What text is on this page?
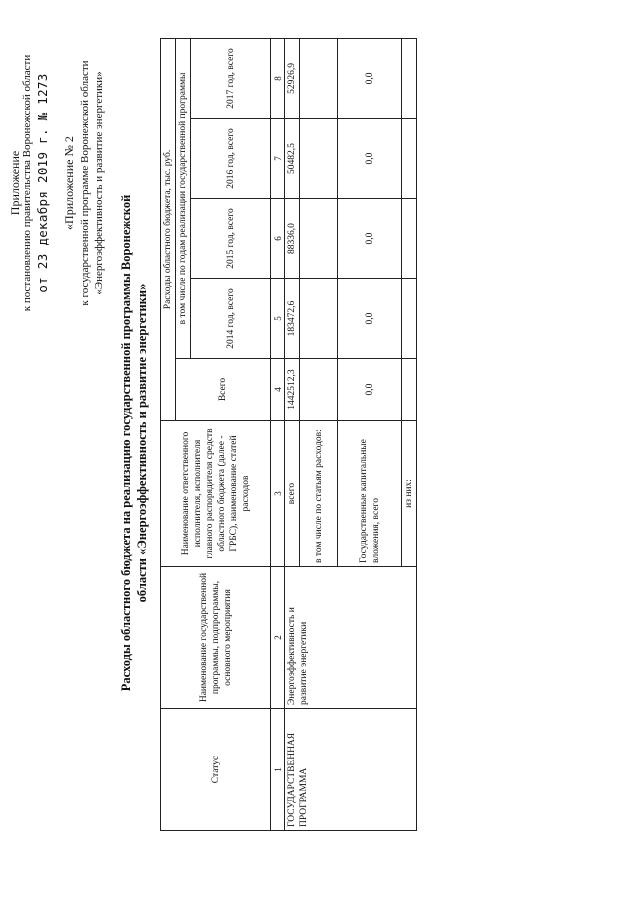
Приложение к постановлению правительства Воронежской области от 23 декабря 2019 г. № 1273 «Приложение № 2 к государственной программе Воронежской области «Энергоэффективность и развитие энергетики»
Расходы областного бюджета на реализацию государственной программы Воронежской области «Энергоэффективность и развитие энергетики»
Статус	Наименование государственной программы, подпрограммы, основного мероприятия	Наименование ответственного исполнителя, исполнителя главного распорядителя средств областного бюджета (далее - ГРБС), наименование статей расходов	Расходы областного бюджета, тыс. руб.				
			Всего	в том числе по годам реализации государственной программы			
				2014 год, всего	2015 год, всего	2016 год, всего	2017 год, всего
1	2	3	4	5	6	7	8
ГОСУДАРСТВЕННАЯ ПРОГРАММА	Энергоэффективность и развитие энергетики	всего	1442512,3	183472,6	88336,0	50482,5	52926,9
		в том числе по статьям расходов:					
		Государственные капитальные вложения, всего	0,0	0,0	0,0	0,0	0,0
		из них:					
